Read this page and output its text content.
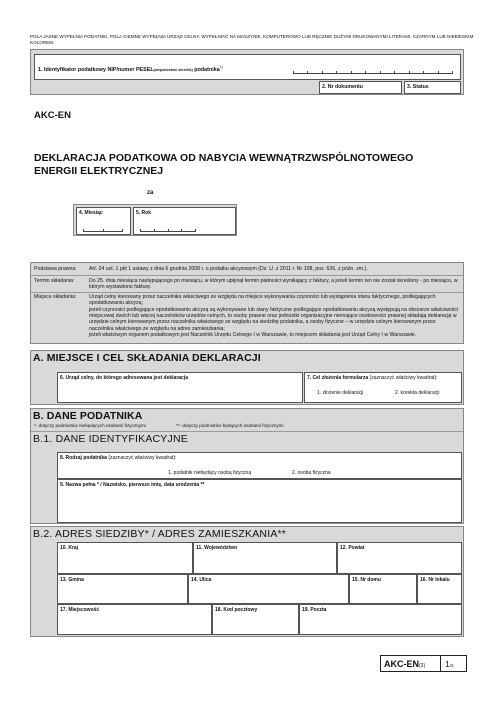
POLA JASNE WYPEŁNIA PODATNIK, POLA CIEMNE WYPEŁNIA URZĄD CELNY. WYPEŁNIAĆ NA MASZYNIE, KOMPUTEROWO LUB RĘCZNIE DUŻYMI DRUKOWANYMI LITERAMI, CZARNYM LUB NIEBIESKIM KOLOREM.
1. Identyfikator podatkowy NIP/numer PESEL(niepotrzebne skreślić) podatnika$^{1)}$
2. Nr dokumentu	3. Status
AKC-EN
DEKLARACJA PODATKOWA OD NABYCIA WEWNĄTRZWSPÓLNOTOWEGO ENERGII ELEKTRYCZNEJ
za
4. Miesiąc	5. Rok
Podstawa prawna: Art. 24 ust. 1 pkt 1 ustawy z dnia 6 grudnia 2008 r. o podatku akcyzowym (Dz. U. z 2011 r. Nr 108, poz. 626, z późn. zm.).
Termin składania:	Do 25. dnia miesiąca następującego po miesiącu, w którym upłynął termin płatności wynikający z faktury, a jeżeli termin ten nie został określony - po miesiącu, w którym wystawiono fakturę.
Miejsce składania: Urząd celny kierowany przez naczelnika właściwego ze względu na miejsce wykonywania czynności lub wystąpienia stanu faktycznego, podlegających opodatkowaniu akcyzą;
jeżeli czynności podlegające opodatkowaniu akcyzą są wykonywane lub stany faktyczne podlegające opodatkowaniu akcyzą występują na obszarze właściwości miejscowej dwóch lub więcej naczelników urzędów celnych, to osoby prawne oraz jednostki organizacyjne niemające osobowości prawnej składają deklarację w urzędzie celnym kierowanym przez naczelnika właściwego ze względu na siedzibę podatnika, a osoby fizyczne – w urzędzie celnym kierowanym przez naczelnika właściwego ze względu na adres zamieszkania;
jeżeli właściwym organem podatkowym jest Naczelnik Urzędu Celnego I w Warszawie, to miejscem składania jest Urząd Celny I w Warszawie.
A. MIEJSCE I CEL SKŁADANIA DEKLARACJI
6. Urząd celny, do którego adresowana jest deklaracja	7. Cel złożenia formularza (zaznaczyć właściwy kwadrat):
1. złożenie deklaracji	2. korekta deklaracji
B. DANE PODATNIKA
*- dotyczy podmiotów niebędących osobami fizycznymi	**- dotyczy podmiotów będących osobami fizycznymi
B.1. DANE IDENTYFIKACYJNE
8. Rodzaj podatnika (zaznaczyć właściwy kwadrat):
1. podatnik niebędący osobą fizyczną	2. osoba fizyczna
9. Nazwa pełna * / Nazwisko, pierwsze imię, data urodzenia **
B.2. ADRES SIEDZIBY* / ADRES ZAMIESZKANIA**
10. Kraj	11. Województwo	12. Powiat
13. Gmina	14. Ulica	15. Nr domu	16. Nr lokalu
17. Miejscowość	18. Kod pocztowy	19. Poczta
AKC-EN(3) 1/2
